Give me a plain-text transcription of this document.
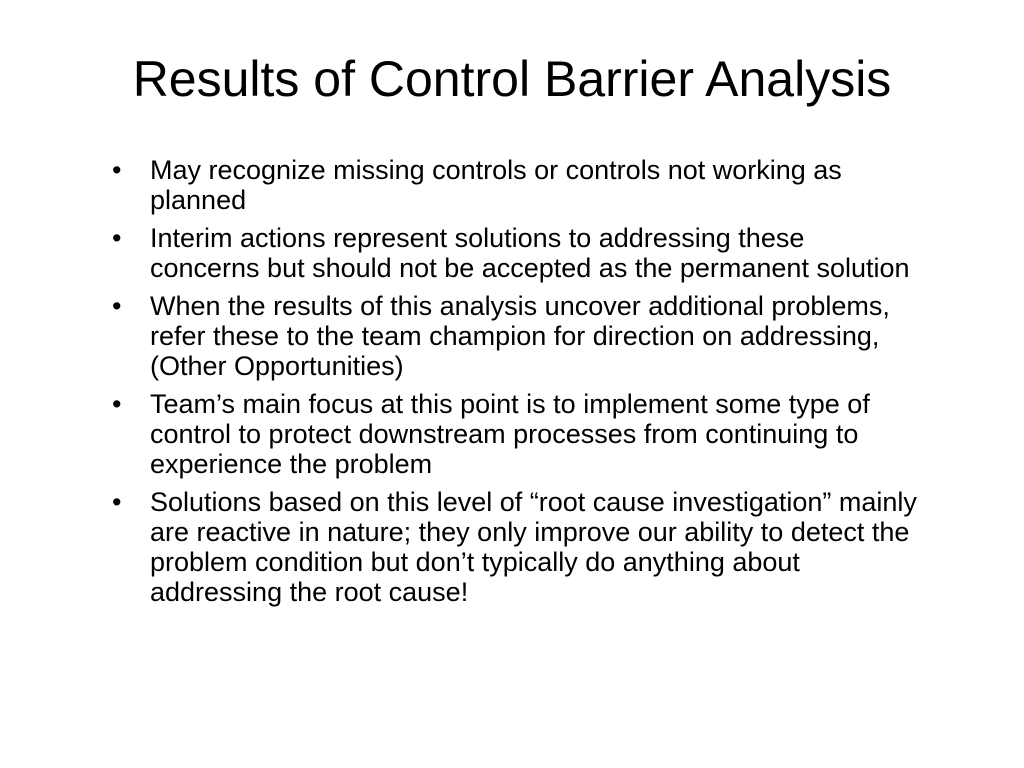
Results of Control Barrier Analysis
• May recognize missing controls or controls not working as planned
• Interim actions represent solutions to addressing these concerns but should not be accepted as the permanent solution
• When the results of this analysis uncover additional problems, refer these to the team champion for direction on addressing, (Other Opportunities)
• Team’s main focus at this point is to implement some type of control to protect downstream processes from continuing to experience the problem
• Solutions based on this level of “root cause investigation” mainly are reactive in nature; they only improve our ability to detect the problem condition but don’t typically do anything about addressing the root cause!
